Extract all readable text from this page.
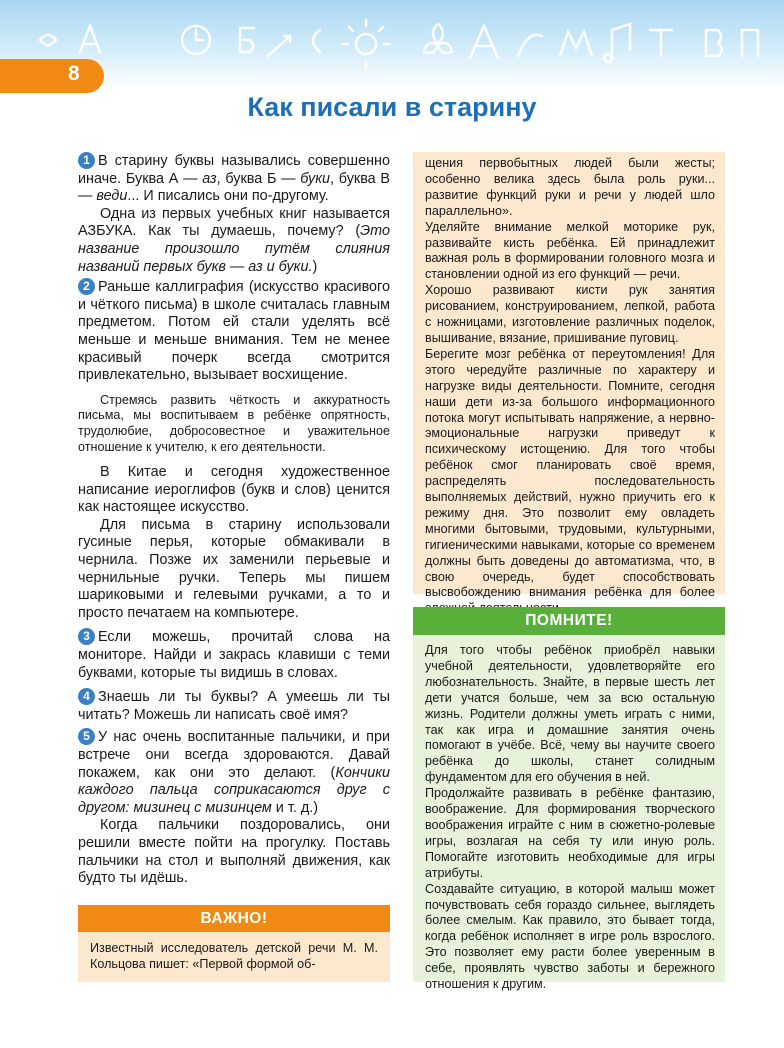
8
Как писали в старину

1 В старину буквы назывались совершенно иначе. Буква А — аз, буква Б — буки, буква В — веди... И писались они по-другому.

Одна из первых учебных книг называется АЗБУКА. Как ты думаешь, почему? (Это название произошло путём слияния названий первых букв — аз и буки.)

2 Раньше каллиграфия (искусство красивого и чёткого письма) в школе считалась главным предметом. Потом ей стали уделять всё меньше и меньше внимания. Тем не менее красивый почерк всегда смотрится привлекательно, вызывает восхищение.

Стремясь развить чёткость и аккуратность письма, мы воспитываем в ребёнке опрятность, трудолюбие, добросовестное и уважительное отношение к учителю, к его деятельности.

В Китае и сегодня художественное написание иероглифов (букв и слов) ценится как настоящее искусство.

Для письма в старину использовали гусиные перья, которые обмакивали в чернила. Позже их заменили перьевые и чернильные ручки. Теперь мы пишем шариковыми и гелевыми ручками, а то и просто печатаем на компьютере.

3 Если можешь, прочитай слова на мониторе. Найди и закрась клавиши с теми буквами, которые ты видишь в словах.

4 Знаешь ли ты буквы? А умеешь ли ты читать? Можешь ли написать своё имя?

5 У нас очень воспитанные пальчики, и при встрече они всегда здороваются. Давай покажем, как они это делают. (Кончики каждого пальца соприкасаются друг с другом: мизинец с мизинцем и т. д.)

Когда пальчики поздоровались, они решили вместе пойти на прогулку. Поставь пальчики на стол и выполняй движения, как будто ты идёшь.

ВАЖНО!

Известный исследователь детской речи М. М. Кольцова пишет: «Первой формой об-

щения первобытных людей были жесты; особенно велика здесь была роль руки... развитие функций руки и речи у людей шло параллельно».

Уделяйте внимание мелкой моторике рук, развивайте кисть ребёнка. Ей принадлежит важная роль в формировании головного мозга и становлении одной из его функций — речи.

Хорошо развивают кисти рук занятия рисованием, конструированием, лепкой, работа с ножницами, изготовление различных поделок, вышивание, вязание, пришивание пуговиц.

Берегите мозг ребёнка от переутомления! Для этого чередуйте различные по характеру и нагрузке виды деятельности. Помните, сегодня наши дети из-за большого информационного потока могут испытывать напряжение, а нервно-эмоциональные нагрузки приведут к психическому истощению. Для того чтобы ребёнок смог планировать своё время, распределять последовательность выполняемых действий, нужно приучить его к режиму дня. Это позволит ему овладеть многими бытовыми, трудовыми, культурными, гигиеническими навыками, которые со временем должны быть доведены до автоматизма, что, в свою очередь, будет способствовать высвобождению внимания ребёнка для более

ПОМНИТЕ!

Для того чтобы ребёнок приобрёл навыки учебной деятельности, удовлетворяйте его любознательность. Знайте, в первые шесть лет дети учатся больше, чем за всю остальную жизнь. Родители должны уметь играть с ними, так как игра и домашние занятия очень помогают в учёбе. Всё, чему вы научите своего ребёнка до школы, станет солидным фундаментом для его обучения в ней.

Продолжайте развивать в ребёнке фантазию, воображение. Для формирования творческого воображения играйте с ним в сюжетно-ролевые игры, возлагая на себя ту или иную роль. Помогайте изготовить необходимые для игры атрибуты.

Создавайте ситуацию, в которой малыш может почувствовать себя гораздо сильнее, выглядеть более смелым. Как правило, это бывает тогда, когда ребёнок исполняет в игре роль взрослого. Это позволяет ему расти более уверенным в себе, проявлять чувство заботы и бережного отношения к другим.
